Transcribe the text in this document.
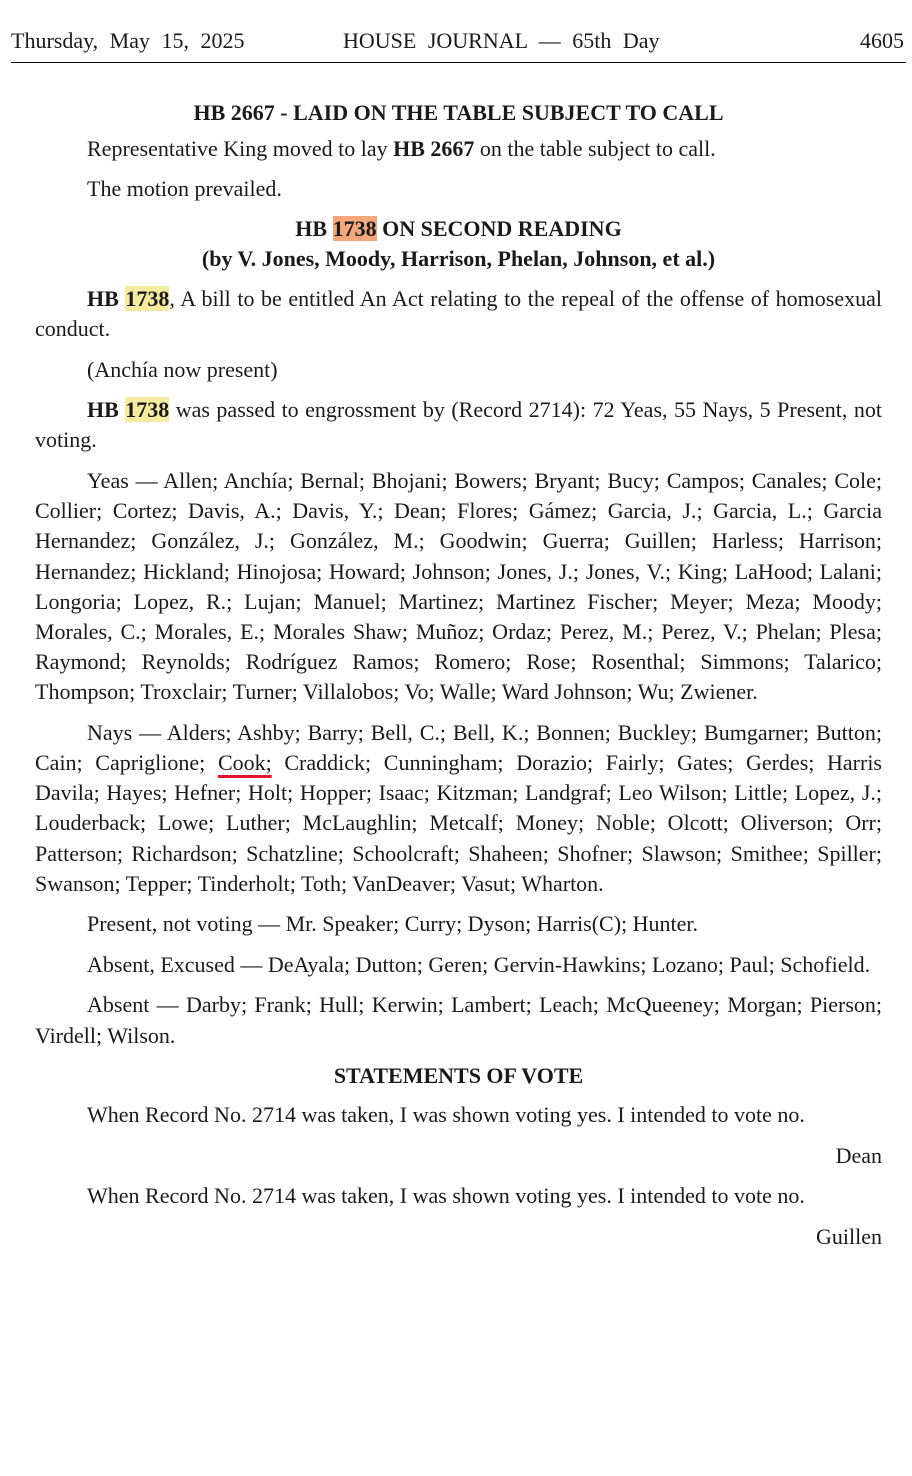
Thursday, May 15, 2025	HOUSE JOURNAL — 65th Day	4605
HB 2667 - LAID ON THE TABLE SUBJECT TO CALL

Representative King moved to lay HB 2667 on the table subject to call.

The motion prevailed.

HB 1738 ON SECOND READING
(by V. Jones, Moody, Harrison, Phelan, Johnson, et al.)

HB 1738, A bill to be entitled An Act relating to the repeal of the offense of homosexual conduct.

(Anchía now present)

HB 1738 was passed to engrossment by (Record 2714): 72 Yeas, 55 Nays, 5 Present, not voting.

Yeas — Allen; Anchía; Bernal; Bhojani; Bowers; Bryant; Bucy; Campos; Canales; Cole; Collier; Cortez; Davis, A.; Davis, Y.; Dean; Flores; Gámez; Garcia, J.; Garcia, L.; Garcia Hernandez; González, J.; González, M.; Goodwin; Guerra; Guillen; Harless; Harrison; Hernandez; Hickland; Hinojosa; Howard; Johnson; Jones, J.; Jones, V.; King; LaHood; Lalani; Longoria; Lopez, R.; Lujan; Manuel; Martinez; Martinez Fischer; Meyer; Meza; Moody; Morales, C.; Morales, E.; Morales Shaw; Muñoz; Ordaz; Perez, M.; Perez, V.; Phelan; Plesa; Raymond; Reynolds; Rodríguez Ramos; Romero; Rose; Rosenthal; Simmons; Talarico; Thompson; Troxclair; Turner; Villalobos; Vo; Walle; Ward Johnson; Wu; Zwiener.

Nays — Alders; Ashby; Barry; Bell, C.; Bell, K.; Bonnen; Buckley; Bumgarner; Button; Cain; Capriglione; Cook; Craddick; Cunningham; Dorazio; Fairly; Gates; Gerdes; Harris Davila; Hayes; Hefner; Holt; Hopper; Isaac; Kitzman; Landgraf; Leo Wilson; Little; Lopez, J.; Louderback; Lowe; Luther; McLaughlin; Metcalf; Money; Noble; Olcott; Oliverson; Orr; Patterson; Richardson; Schatzline; Schoolcraft; Shaheen; Shofner; Slawson; Smithee; Spiller; Swanson; Tepper; Tinderholt; Toth; VanDeaver; Vasut; Wharton.

Present, not voting — Mr. Speaker; Curry; Dyson; Harris(C); Hunter.

Absent, Excused — DeAyala; Dutton; Geren; Gervin-Hawkins; Lozano; Paul; Schofield.

Absent — Darby; Frank; Hull; Kerwin; Lambert; Leach; McQueeney; Morgan; Pierson; Virdell; Wilson.

STATEMENTS OF VOTE

When Record No. 2714 was taken, I was shown voting yes. I intended to vote no.

Dean

When Record No. 2714 was taken, I was shown voting yes. I intended to vote no.

Guillen
